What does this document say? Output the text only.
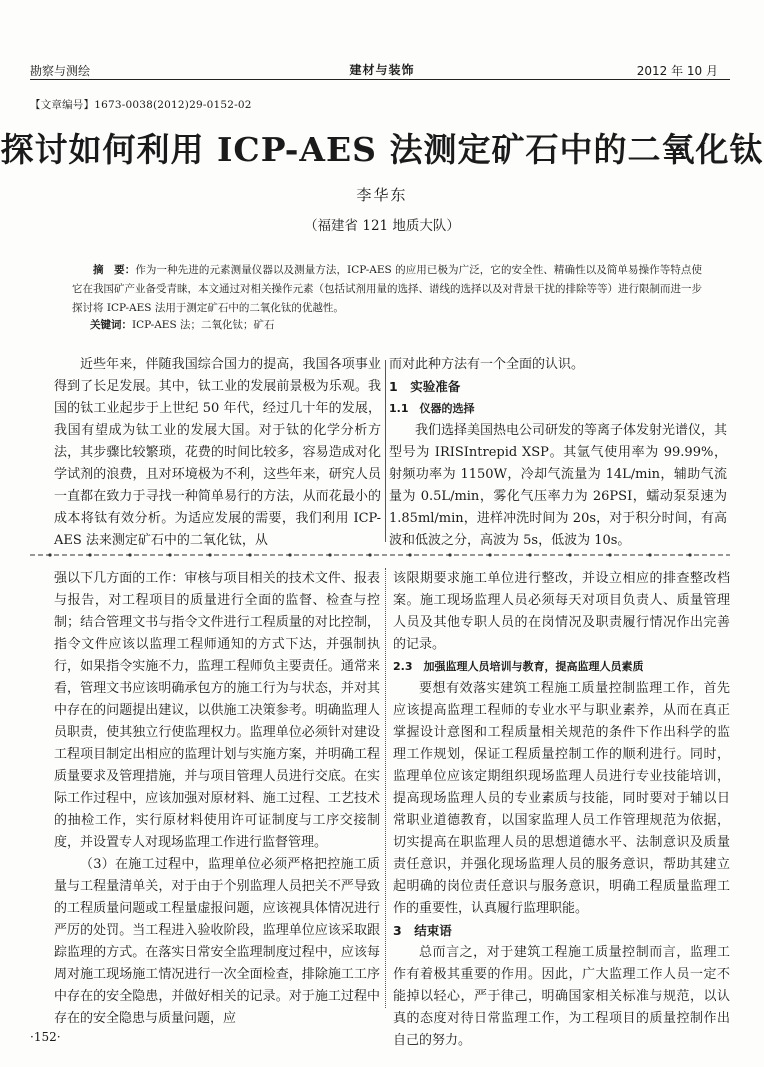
勘察与测绘	建材与装饰	2012 年 10 月
【文章编号】1673-0038(2012)29-0152-02
探讨如何利用 ICP-AES 法测定矿石中的二氧化钛
李华东
（福建省 121 地质大队）
摘　要：作为一种先进的元素测量仪器以及测量方法，ICP-AES 的应用已极为广泛，它的安全性、精确性以及简单易操作等特点使它在我国矿产业备受青睐，本文通过对相关操作元素（包括试剂用量的选择、谱线的选择以及对背景干扰的排除等等）进行限制而进一步探讨将 ICP-AES 法用于测定矿石中的二氧化钛的优越性。
关键词：ICP-AES 法；二氧化钛；矿石

近些年来，伴随我国综合国力的提高，我国各项事业得到了长足发展。其中，钛工业的发展前景极为乐观。我国的钛工业起步于上世纪 50 年代，经过几十年的发展，我国有望成为钛工业的发展大国。对于钛的化学分析方法，其步骤比较繁琐，花费的时间比较多，容易造成对化学试剂的浪费，且对环境极为不利，这些年来，研究人员一直都在致力于寻找一种简单易行的方法，从而花最小的成本将钛有效分析。为适应发展的需要，我们利用 ICP-AES 法来测定矿石中的二氧化钛，从

而对此种方法有一个全面的认识。

1　实验准备

1.1　仪器的选择

我们选择美国热电公司研发的等离子体发射光谱仪，其型号为 IRISIntrepid XSP。其氩气使用率为 99.99%，射频功率为 1150W，冷却气流量为 14L/min，辅助气流量为 0.5L/min，雾化气压率力为 26PSI，蠕动泵泵速为 1.85ml/min，进样冲洗时间为 20s，对于积分时间，有高波和低波之分，高波为 5s，低波为 10s。

强以下几方面的工作：审核与项目相关的技术文件、报表与报告，对工程项目的质量进行全面的监督、检查与控制；结合管理文书与指令文件进行工程质量的对比控制，指令文件应该以监理工程师通知的方式下达，并强制执行，如果指令实施不力，监理工程师负主要责任。通常来看，管理文书应该明确承包方的施工行为与状态，并对其中存在的问题提出建议，以供施工决策参考。明确监理人员职责，使其独立行使监理权力。监理单位必须针对建设工程项目制定出相应的监理计划与实施方案，并明确工程质量要求及管理措施，并与项目管理人员进行交底。在实际工作过程中，应该加强对原材料、施工过程、工艺技术的抽检工作，实行原材料使用许可证制度与工序交接制度，并设置专人对现场监理工作进行监督管理。

（3）在施工过程中，监理单位必须严格把控施工质量与工程量清单关，对于由于个别监理人员把关不严导致的工程质量问题或工程量虚报问题，应该视具体情况进行严厉的处罚。当工程进入验收阶段，监理单位应该采取跟踪监理的方式。在落实日常安全监理制度过程中，应该每周对施工现场施工情况进行一次全面检查，排除施工工序中存在的安全隐患，并做好相关的记录。对于施工过程中存在的安全隐患与质量问题，应

该限期要求施工单位进行整改，并设立相应的排查整改档案。施工现场监理人员必须每天对项目负责人、质量管理人员及其他专职人员的在岗情况及职责履行情况作出完善的记录。

2.3　加强监理人员培训与教育，提高监理人员素质

要想有效落实建筑工程施工质量控制监理工作，首先应该提高监理工程师的专业水平与职业素养，从而在真正掌握设计意图和工程质量相关规范的条件下作出科学的监理工作规划，保证工程质量控制工作的顺利进行。同时，监理单位应该定期组织现场监理人员进行专业技能培训，提高现场监理人员的专业素质与技能，同时要对于辅以日常职业道德教育，以国家监理人员工作管理规范为依据，切实提高在职监理人员的思想道德水平、法制意识及质量责任意识，并强化现场监理人员的服务意识，帮助其建立起明确的岗位责任意识与服务意识，明确工程质量监理工作的重要性，认真履行监理职能。

3　结束语

总而言之，对于建筑工程施工质量控制而言，监理工作有着极其重要的作用。因此，广大监理工作人员一定不能掉以轻心，严于律己，明确国家相关标准与规范，以认真的态度对待日常监理工作，为工程项目的质量控制作出自己的努力。

·152·
